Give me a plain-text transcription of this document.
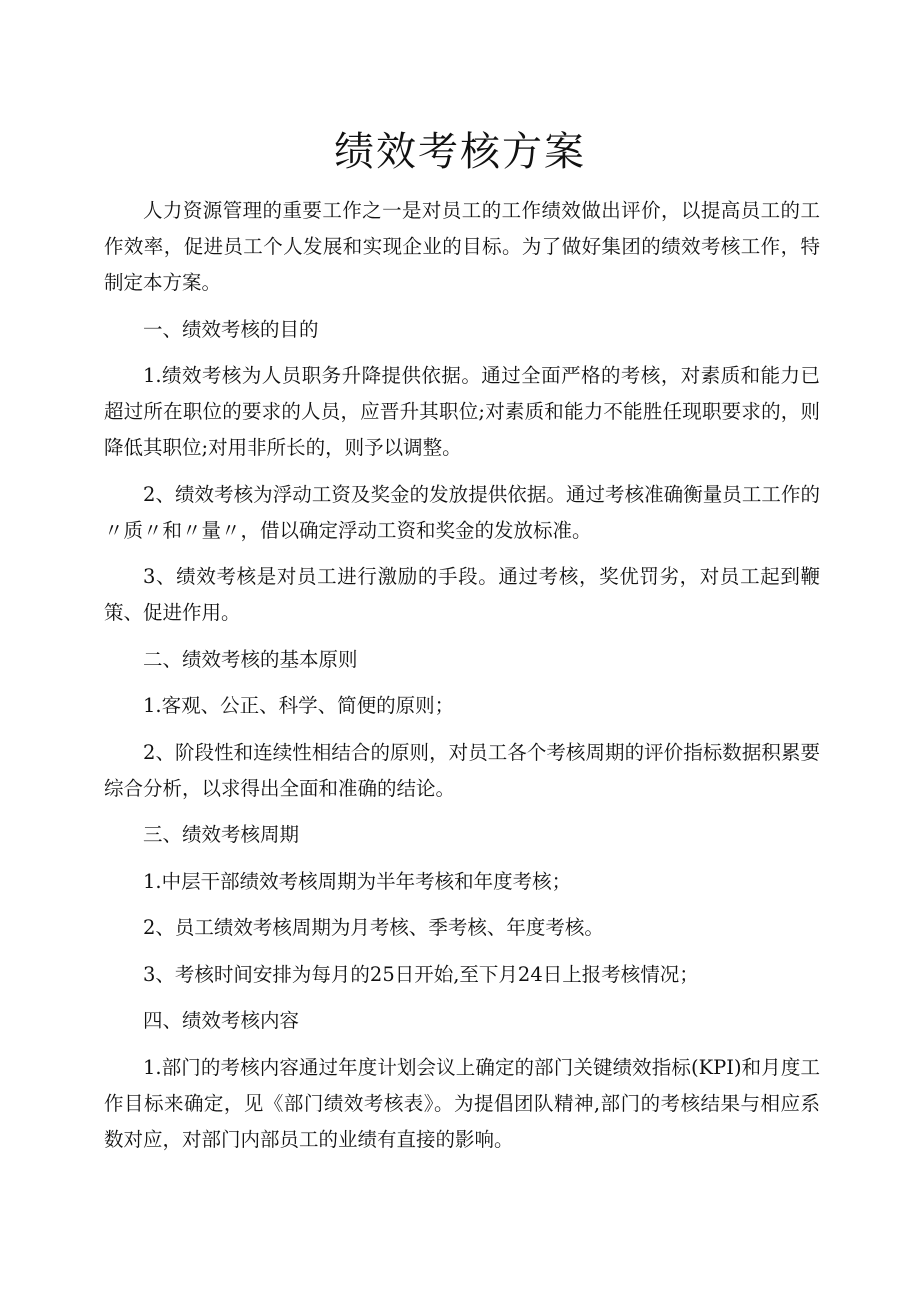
绩效考核方案

人力资源管理的重要工作之一是对员工的工作绩效做出评价，以提高员工的工作效率，促进员工个人发展和实现企业的目标。为了做好集团的绩效考核工作，特制定本方案。

一、绩效考核的目的

1.绩效考核为人员职务升降提供依据。通过全面严格的考核，对素质和能力已超过所在职位的要求的人员，应晋升其职位;对素质和能力不能胜任现职要求的，则降低其职位;对用非所长的，则予以调整。

2、绩效考核为浮动工资及奖金的发放提供依据。通过考核准确衡量员工工作的〃质〃和〃量〃，借以确定浮动工资和奖金的发放标准。

3、绩效考核是对员工进行激励的手段。通过考核，奖优罚劣，对员工起到鞭策、促进作用。

二、绩效考核的基本原则

1.客观、公正、科学、简便的原则；

2、阶段性和连续性相结合的原则，对员工各个考核周期的评价指标数据积累要综合分析，以求得出全面和准确的结论。

三、绩效考核周期

1.中层干部绩效考核周期为半年考核和年度考核；

2、员工绩效考核周期为月考核、季考核、年度考核。

3、考核时间安排为每月的25日开始,至下月24日上报考核情况；

四、绩效考核内容

1.部门的考核内容通过年度计划会议上确定的部门关键绩效指标(KPI)和月度工作目标来确定，见《部门绩效考核表》。为提倡团队精神,部门的考核结果与相应系数对应，对部门内部员工的业绩有直接的影响。
